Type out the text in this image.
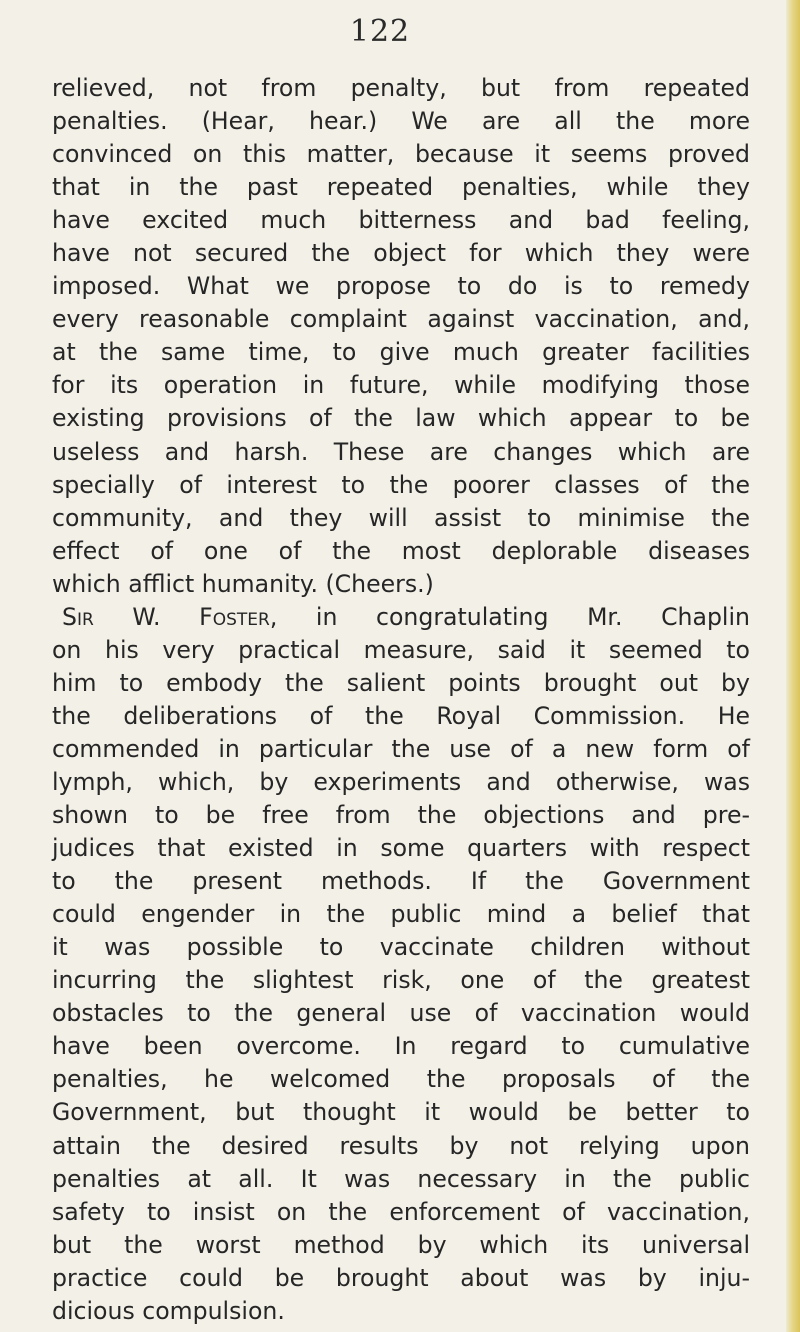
122
relieved, not from penalty, but from repeated
penalties. (Hear, hear.) We are all the more
convinced on this matter, because it seems proved
that in the past repeated penalties, while they
have excited much bitterness and bad feeling,
have not secured the object for which they were
imposed. What we propose to do is to remedy
every reasonable complaint against vaccination, and,
at the same time, to give much greater facilities
for its operation in future, while modifying those
existing provisions of the law which appear to be
useless and harsh. These are changes which are
specially of interest to the poorer classes of the
community, and they will assist to minimise the
effect of one of the most deplorable diseases
which afflict humanity. (Cheers.)
Sir W. Foster, in congratulating Mr. Chaplin
on his very practical measure, said it seemed to
him to embody the salient points brought out by
the deliberations of the Royal Commission. He
commended in particular the use of a new form of
lymph, which, by experiments and otherwise, was
shown to be free from the objections and pre-
judices that existed in some quarters with respect
to the present methods. If the Government
could engender in the public mind a belief that
it was possible to vaccinate children without
incurring the slightest risk, one of the greatest
obstacles to the general use of vaccination would
have been overcome. In regard to cumulative
penalties, he welcomed the proposals of the
Government, but thought it would be better to
attain the desired results by not relying upon
penalties at all. It was necessary in the public
safety to insist on the enforcement of vaccination,
but the worst method by which its universal
practice could be brought about was by inju-
dicious compulsion.
